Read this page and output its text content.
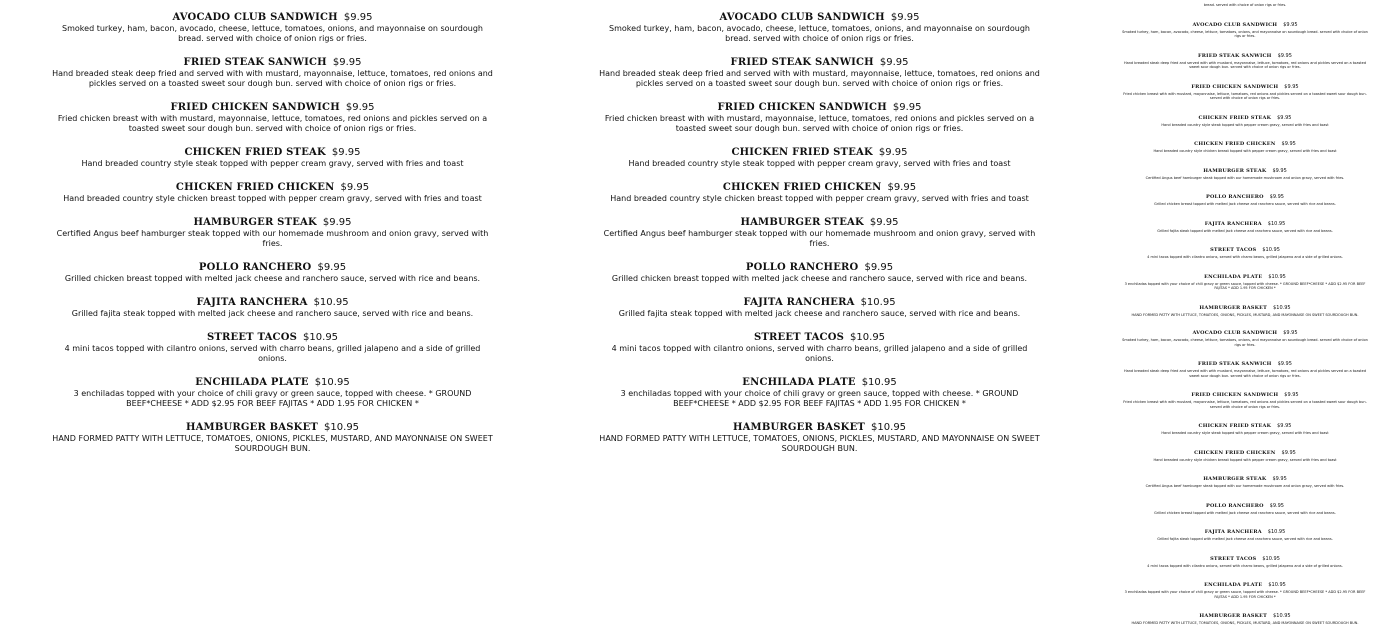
AVOCADO CLUB SANDWICH $9.95
Smoked turkey, ham, bacon, avocado, cheese, lettuce, tomatoes, onions, and mayonnaise on sourdough bread. served with choice of onion rigs or fries.
FRIED STEAK SANWICH $9.95
Hand breaded steak deep fried and served with with mustard, mayonnaise, lettuce, tomatoes, red onions and pickles served on a toasted sweet sour dough bun. served with choice of onion rigs or fries.
FRIED CHICKEN SANDWICH $9.95
Fried chicken breast with with mustard, mayonnaise, lettuce, tomatoes, red onions and pickles served on a toasted sweet sour dough bun. served with choice of onion rigs or fries.
CHICKEN FRIED STEAK $9.95
Hand breaded country style steak topped with pepper cream gravy, served with fries and toast
CHICKEN FRIED CHICKEN $9.95
Hand breaded country style chicken breast topped with pepper cream gravy, served with fries and toast
HAMBURGER STEAK $9.95
Certified Angus beef hamburger steak topped with our homemade mushroom and onion gravy, served with fries.
POLLO RANCHERO $9.95
Grilled chicken breast topped with melted jack cheese and ranchero sauce, served with rice and beans.
FAJITA RANCHERA $10.95
Grilled fajita steak topped with melted jack cheese and ranchero sauce, served with rice and beans.
STREET TACOS $10.95
4 mini tacos topped with cilantro onions, served with charro beans, grilled jalapeno and a side of grilled onions.
ENCHILADA PLATE $10.95
3 enchiladas topped with your choice of chili gravy or green sauce, topped with cheese. * GROUND BEEF*CHEESE * ADD $2.95 FOR BEEF FAJITAS * ADD 1.95 FOR CHICKEN *
HAMBURGER BASKET $10.95
HAND FORMED PATTY WITH LETTUCE, TOMATOES, ONIONS, PICKLES, MUSTARD, AND MAYONNAISE ON SWEET SOURDOUGH BUN.
AVOCADO CLUB SANDWICH $9.95
Smoked turkey, ham, bacon, avocado, cheese, lettuce, tomatoes, onions, and mayonnaise on sourdough bread. served with choice of onion rigs or fries.
FRIED STEAK SANWICH $9.95
Hand breaded steak deep fried and served with with mustard, mayonnaise, lettuce, tomatoes, red onions and pickles served on a toasted sweet sour dough bun. served with choice of onion rigs or fries.
FRIED CHICKEN SANDWICH $9.95
Fried chicken breast with with mustard, mayonnaise, lettuce, tomatoes, red onions and pickles served on a toasted sweet sour dough bun. served with choice of onion rigs or fries.
CHICKEN FRIED STEAK $9.95
Hand breaded country style steak topped with pepper cream gravy, served with fries and toast
CHICKEN FRIED CHICKEN $9.95
Hand breaded country style chicken breast topped with pepper cream gravy, served with fries and toast
HAMBURGER STEAK $9.95
Certified Angus beef hamburger steak topped with our homemade mushroom and onion gravy, served with fries.
POLLO RANCHERO $9.95
Grilled chicken breast topped with melted jack cheese and ranchero sauce, served with rice and beans.
FAJITA RANCHERA $10.95
Grilled fajita steak topped with melted jack cheese and ranchero sauce, served with rice and beans.
STREET TACOS $10.95
4 mini tacos topped with cilantro onions, served with charro beans, grilled jalapeno and a side of grilled onions.
ENCHILADA PLATE $10.95
3 enchiladas topped with your choice of chili gravy or green sauce, topped with cheese. * GROUND BEEF*CHEESE * ADD $2.95 FOR BEEF FAJITAS * ADD 1.95 FOR CHICKEN *
HAMBURGER BASKET $10.95
HAND FORMED PATTY WITH LETTUCE, TOMATOES, ONIONS, PICKLES, MUSTARD, AND MAYONNAISE ON SWEET SOURDOUGH BUN.
bread. served with choice of onion rigs or fries.
AVOCADO CLUB SANDWICH $9.95
Smoked turkey, ham, bacon, avocado, cheese, lettuce, tomatoes, onions, and mayonnaise on sourdough bread. served with choice of onion rigs or fries.
FRIED STEAK SANWICH $9.95
Hand breaded steak deep fried and served with with mustard, mayonnaise, lettuce, tomatoes, red onions and pickles served on a toasted sweet sour dough bun. served with choice of onion rigs or fries.
FRIED CHICKEN SANDWICH $9.95
Fried chicken breast with with mustard, mayonnaise, lettuce, tomatoes, red onions and pickles served on a toasted sweet sour dough bun. served with choice of onion rigs or fries.
CHICKEN FRIED STEAK $9.95
Hand breaded country style steak topped with pepper cream gravy, served with fries and toast
CHICKEN FRIED CHICKEN $9.95
Hand breaded country style chicken breast topped with pepper cream gravy, served with fries and toast
HAMBURGER STEAK $9.95
Certified Angus beef hamburger steak topped with our homemade mushroom and onion gravy, served with fries.
POLLO RANCHERO $9.95
Grilled chicken breast topped with melted jack cheese and ranchero sauce, served with rice and beans.
FAJITA RANCHERA $10.95
Grilled fajita steak topped with melted jack cheese and ranchero sauce, served with rice and beans.
STREET TACOS $10.95
4 mini tacos topped with cilantro onions, served with charro beans, grilled jalapeno and a side of grilled onions.
ENCHILADA PLATE $10.95
3 enchiladas topped with your choice of chili gravy or green sauce, topped with cheese. * GROUND BEEF*CHEESE * ADD $2.95 FOR BEEF FAJITAS * ADD 1.95 FOR CHICKEN *
HAMBURGER BASKET $10.95
HAND FORMED PATTY WITH LETTUCE, TOMATOES, ONIONS, PICKLES, MUSTARD, AND MAYONNAISE ON SWEET SOURDOUGH BUN.
AVOCADO CLUB SANDWICH $9.95
Smoked turkey, ham, bacon, avocado, cheese, lettuce, tomatoes, onions, and mayonnaise on sourdough bread. served with choice of onion rigs or fries.
FRIED STEAK SANWICH $9.95
Hand breaded steak deep fried and served with with mustard, mayonnaise, lettuce, tomatoes, red onions and pickles served on a toasted sweet sour dough bun. served with choice of onion rigs or fries.
FRIED CHICKEN SANDWICH $9.95
Fried chicken breast with with mustard, mayonnaise, lettuce, tomatoes, red onions and pickles served on a toasted sweet sour dough bun. served with choice of onion rigs or fries.
CHICKEN FRIED STEAK $9.95
Hand breaded country style steak topped with pepper cream gravy, served with fries and toast
CHICKEN FRIED CHICKEN $9.95
Hand breaded country style chicken breast topped with pepper cream gravy, served with fries and toast
HAMBURGER STEAK $9.95
Certified Angus beef hamburger steak topped with our homemade mushroom and onion gravy, served with fries.
POLLO RANCHERO $9.95
Grilled chicken breast topped with melted jack cheese and ranchero sauce, served with rice and beans.
FAJITA RANCHERA $10.95
Grilled fajita steak topped with melted jack cheese and ranchero sauce, served with rice and beans.
STREET TACOS $10.95
4 mini tacos topped with cilantro onions, served with charro beans, grilled jalapeno and a side of grilled onions.
ENCHILADA PLATE $10.95
3 enchiladas topped with your choice of chili gravy or green sauce, topped with cheese. * GROUND BEEF*CHEESE * ADD $2.95 FOR BEEF FAJITAS * ADD 1.95 FOR CHICKEN *
HAMBURGER BASKET $10.95
HAND FORMED PATTY WITH LETTUCE, TOMATOES, ONIONS, PICKLES, MUSTARD, AND MAYONNAISE ON SWEET SOURDOUGH BUN.
